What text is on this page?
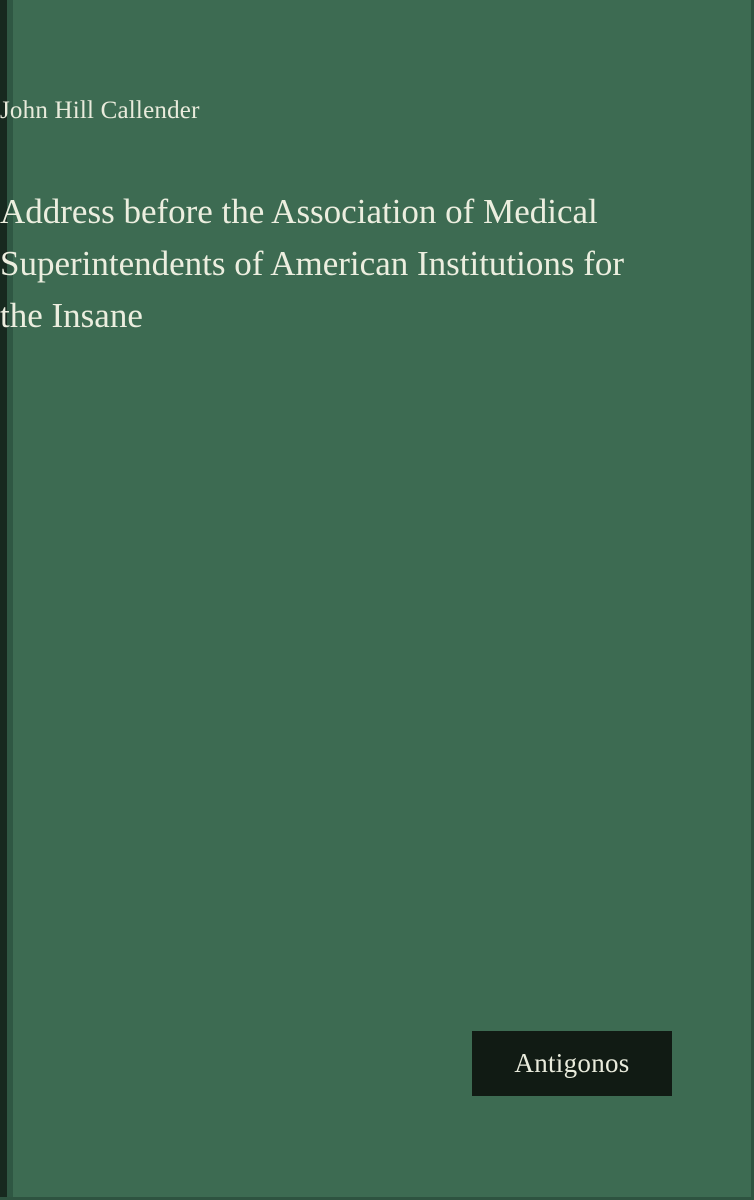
John Hill Callender

Address before the Association of Medical Superintendents of American Institutions for the Insane
Antigonos
